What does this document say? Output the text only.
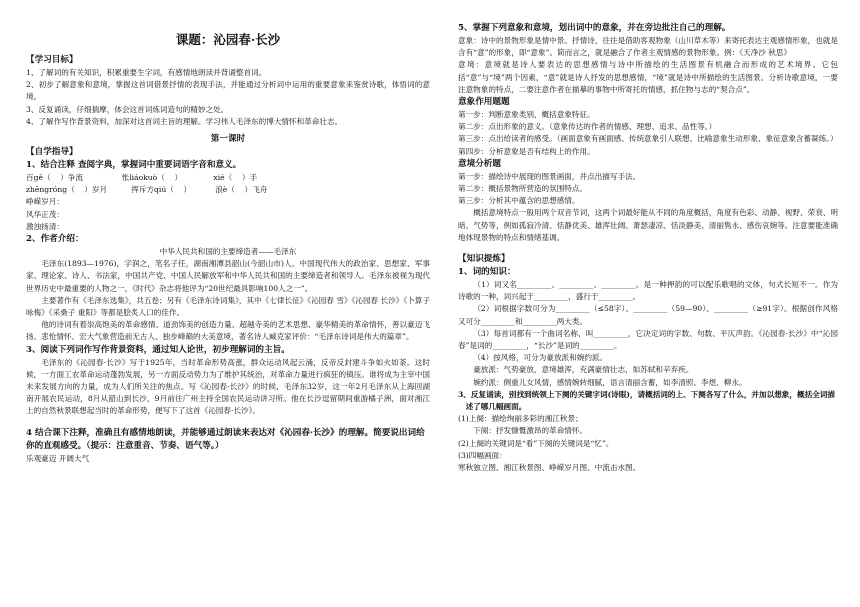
课题：沁园春·长沙
【学习目标】
1、了解词的有关知识，积累重要生字词，有感情地朗读并背诵整首词。
2、初步了解意象和意境，掌握这首词借景抒情的表现手法，并能通过分析词中运用的重要意象来鉴赏诗歌，体悟词的意境。
3、反复诵读，仔细揣摩，体会这首词炼词造句的精妙之处。
4、了解作写作背景资料，加深对这首词主旨的理解。学习伟人毛泽东的博大情怀和革命壮志。
第一课时
【自学指导】
1、结合注释 查阅字典，掌握词中重要词语字音和意义。
百gě（    ）争流                怅liáokuò（    ）             xié（    ）手
zhēngróng（    ）岁月          挥斥方qiú（    ）          浪è（    ）飞舟
峥嵘岁月：
风华正茂：
激浊扬清：
2、作者介绍：
中华人民共和国的主要缔造者——毛泽东
毛泽东(1893—1976)，字润之，笔名子任，湖南湘潭县韶山(今韶山市)人。中国现代伟大的政治家、思想家、军事家、理论家、诗人、书法家，中国共产党、中国人民解放军和中华人民共和国的主要缔造者和领导人。毛泽东被视为现代世界历史中最重要的人物之一，《时代》杂志将他评为“20世纪最具影响100人之一”。
主要著作有《毛泽东选集》，共五卷；另有《毛泽东诗词集》，其中《七律长征》《沁园春 雪》《沁园春 长沙》《卜算子 咏梅》《采桑子 重阳》等都是脍炙人口的佳作。
他的诗词有着崇高饱美的革命感情、道劲饰美的创造力量、超越寺美的艺术思想、豪华精美的革命情怀，善以豪迈飞扬、悲怆情怀、宏大气象营造前无古人、独步峰巅的大美意境，著名诗人臧克家评价：“毛泽东诗词是伟大的篇章”。
3、阅读下列词作写作背景资料，通过知人论世，初步理解词的主旨。
毛泽东的《沁园春·长沙》写于1925年，当时革命形势高涨，群众运动风起云涌，反帝反封建斗争如火如荼。这时候，一方面工农革命运动蓬勃发展，另一方面反动势力为了维护其统治，对革命力量进行疯狂的镇压。谁将成为主宰中国未来发展方向的力量，成为人们所关注的焦点。写《沁园春·长沙》的时候，毛泽东32岁，这一年2月毛泽东从上海回湖南开展农民运动，8月从韶山到长沙，9月前往广州主持全国农民运动讲习所。他在长沙逗留期间重游橘子洲，面对湘江上的自然秋景联想起当时的革命形势，便写下了这首《沁园春·长沙》。
4 结合课下注释，准确且有感情地朗读，并能够通过朗读来表达对《沁园春·长沙》的理解。简要说出词给你的直观感受。（提示：注意重音、节奏、语气等。）
乐观豪迈 开阔大气
5、掌握下列意象和意境，划出词中的意象，并在旁边批注自己的理解。
意象：诗中的景物形象是情中景。抒情诗，往往是借助客观物象（山川草木等）来寄托表达主观感情形象，也就是含有“意”的形象，即“意象”。简而言之，就是融合了作者主观情感的景物形象。例：《天净沙 秋思》
意境：意境就是诗人要表达的思想感情与诗中所描绘的生活图景有机融合而形成的艺术境界。它包括“意”与“境”两个因素，“意”就是诗人抒发的思想感情，“境”就是诗中所描绘的生活图景。分析诗歌意境，一要注意物象的特点，二要注意作者在描摹的事物中所寄托的情感，抓住物与志的“契合点”。
意象作用题题
第一步：判断意象类别，概括意象特征。
第二步：点出形象的意义。（意象传达的作者的情感、理想、追求、品性等。）
第三步：点出给读者的感受。（画面意象有画面感、传统意象引人联想、比喻意象生动形象、象征意象含蓄凝练。）
第四步：分析意象是否有结构上的作用。
意境分析题
第一步：描绘诗中展现的图景画面，并点出描写手法。
第二步：概括景物所营造的氛围特点。
第三步：分析其中蕴含的思想感情。
概括意境特点一般用两个双音节词，这两个词最好能从不同的角度概括，角度有色彩、动静、视野、荣衰、明暗、气势等，例如孤寂冷清、恬静优美、雄浑壮阔、萧瑟凄凉、恬淡静美、清丽隽永、感伤哀婉等。注意要能准确地体现景物的特点和情绪基调。
【知识提炼】
1、词的知识：
（1）词又名_________、_________、_________。是一种押韵的可以配乐歌唱的文体，句式长短不一。作为诗歌的一种，词兴起于_________，盛行于_________。
（2）词根据字数可分为_________（≤58字）、_________（59—90）、_________（≥91字）。根据创作风格又可分_________和_________两大类。
（3）每首词都有一个曲词名称，叫_________，它决定词的字数、句数、平仄声韵。《沁园春·长沙》中“沁园春”是词的_________，“长沙”是词的_________。
（4）按风格，可分为豪放派和婉约派。
豪放派：气势豪放，意境雄浑，充满豪情壮志，如苏轼和辛弃疾。
婉约派：侧重儿女风情，感情婉转细腻，语言清丽含蓄，如李清照、李煜、柳永。
3、反复诵读，别找到统领上下阕的关键字词(诗眼)，请概括词的上、下阕各写了什么，并加以想象，概括全词描述了哪几幅画面。
(1)上阕：描绘绚丽多彩的湘江秋景；
下阕：抒发慷慨激昂的革命情怀。
(2)上阕的关键词是“看”下阕的关键词是“忆”。
(3)四幅画面：
寒秋独立图、湘江秋景图、峥嵘岁月图、中流击水图。
